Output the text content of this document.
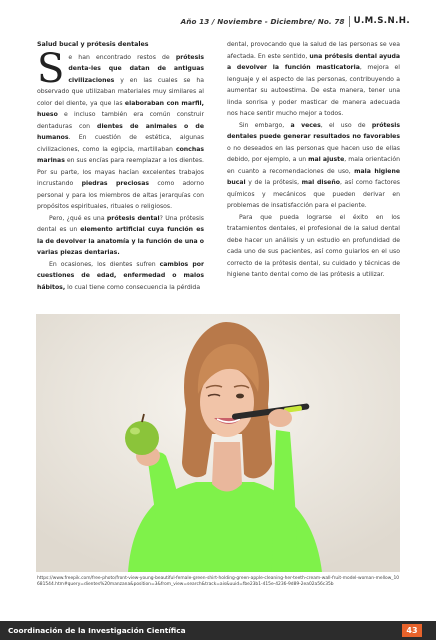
Año 13 / Noviembre - Diciembre/ No. 78 U.M.S.N.H.
Salud bucal y prótesis dentales

Se han encontrado restos de prótesis denta-les que datan de antiguas civilizaciones y en las cuales se ha observado que utilizaban materiales muy similares al color del diente, ya que las elaboraban con marfil, hueso e incluso también era común construir dentaduras con dientes de animales o de humanos. En cuestión de estética, algunas civilizaciones, como la egipcia, martillaban conchas marinas en sus encías para reemplazar a los dientes. Por su parte, los mayas hacían excelentes trabajos incrustando piedras preciosas como adorno personal y para los miembros de altas jerarquías con propósitos espirituales, rituales o religiosos.

Pero, ¿qué es una prótesis dental? Una prótesis dental es un elemento artificial cuya función es la de devolver la anatomía y la función de una o varias piezas dentarias.

En ocasiones, los dientes sufren cambios por cuestiones de edad, enfermedad o malos hábitos, lo cual tiene como consecuencia la pérdida

dental, provocando que la salud de las personas se vea afectada. En este sentido, una prótesis dental ayuda a devolver la función masticatoria, mejora el lenguaje y el aspecto de las personas, contribuyendo a aumentar su autoestima. De esta manera, tener una linda sonrisa y poder masticar de manera adecuada nos hace sentir mucho mejor a todos.

Sin embargo, a veces, el uso de prótesis dentales puede generar resultados no favorables o no deseados en las personas que hacen uso de ellas debido, por ejemplo, a un mal ajuste, mala orientación en cuanto a recomendaciones de uso, mala higiene bucal y de la prótesis, mal diseño, así como factores químicos y mecánicos que pueden derivar en problemas de insatisfacción para el paciente.

Para que pueda lograrse el éxito en los tratamientos dentales, el profesional de la salud dental debe hacer un análisis y un estudio en profundidad de cada uno de sus pacientes, así como guiarlos en el uso correcto de la prótesis dental, su cuidado y técnicas de higiene tanto dental como de las prótesis a utilizar.

https://www.freepik.com/free-photo/front-view-young-beautiful-female-green-shirt-holding-green-apple-cleaning-her-teeth-cream-wall-fruit-model-woman-mellow_10681544.htm#query=dientes%20manzana&position=3&from_view=search&track=ais&uuid=fbe23b1-415e-4236-9d89-2ea02a56c35b
Coordinación de la Investigación Científica	43
